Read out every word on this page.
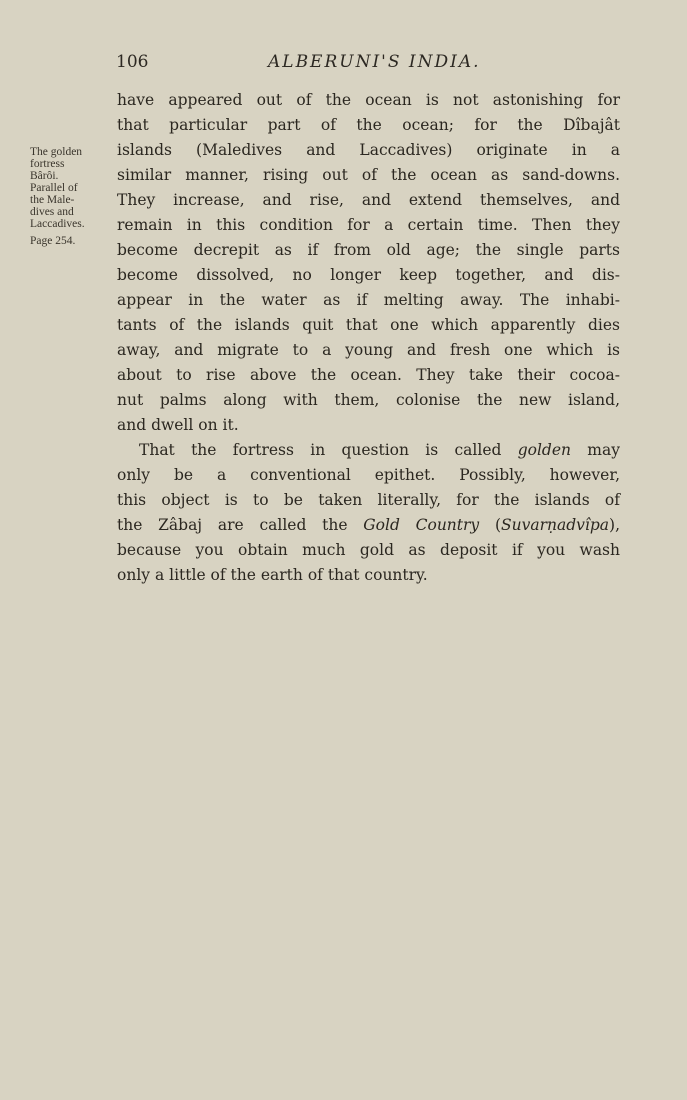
106	ALBERUNI'S INDIA.
The golden
fortress
Bârôi.
Parallel of
the Male-
dives and
Laccadives.
Page 254.
have appeared out of the ocean is not astonishing for
that particular part of the ocean; for the Dîbajât
islands (Maledives and Laccadives) originate in a
similar manner, rising out of the ocean as sand-downs.
They increase, and rise, and extend themselves, and
remain in this condition for a certain time. Then they
become decrepit as if from old age; the single parts
become dissolved, no longer keep together, and dis-
appear in the water as if melting away. The inhabi-
tants of the islands quit that one which apparently dies
away, and migrate to a young and fresh one which is
about to rise above the ocean. They take their cocoa-
nut palms along with them, colonise the new island,
and dwell on it.
That the fortress in question is called golden may
only be a conventional epithet. Possibly, however,
this object is to be taken literally, for the islands of
the Zâbaj are called the Gold Country (Suvarṇadvîpa),
because you obtain much gold as deposit if you wash
only a little of the earth of that country.
